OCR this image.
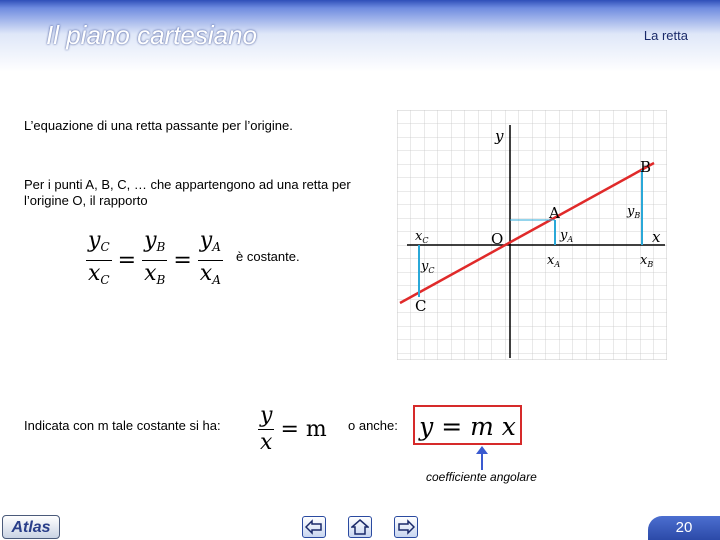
Il piano cartesiano	La retta
L’equazione di una retta passante per l’origine.
Per i punti A, B, C, … che appartengono ad una retta per l’origine O, il rapporto
$\frac{y_C}{x_C} = \frac{y_B}{x_B} = \frac{y_A}{x_A}$ è costante.
Indicata con m tale costante si ha: $\frac{y}{x} = m$	o anche: y = m x
coefficiente angolare
y
x
O
A
B
C
$y_A$
$x_A$
$y_B$
$x_B$
$y_C$
$x_C$
Atlas	20
